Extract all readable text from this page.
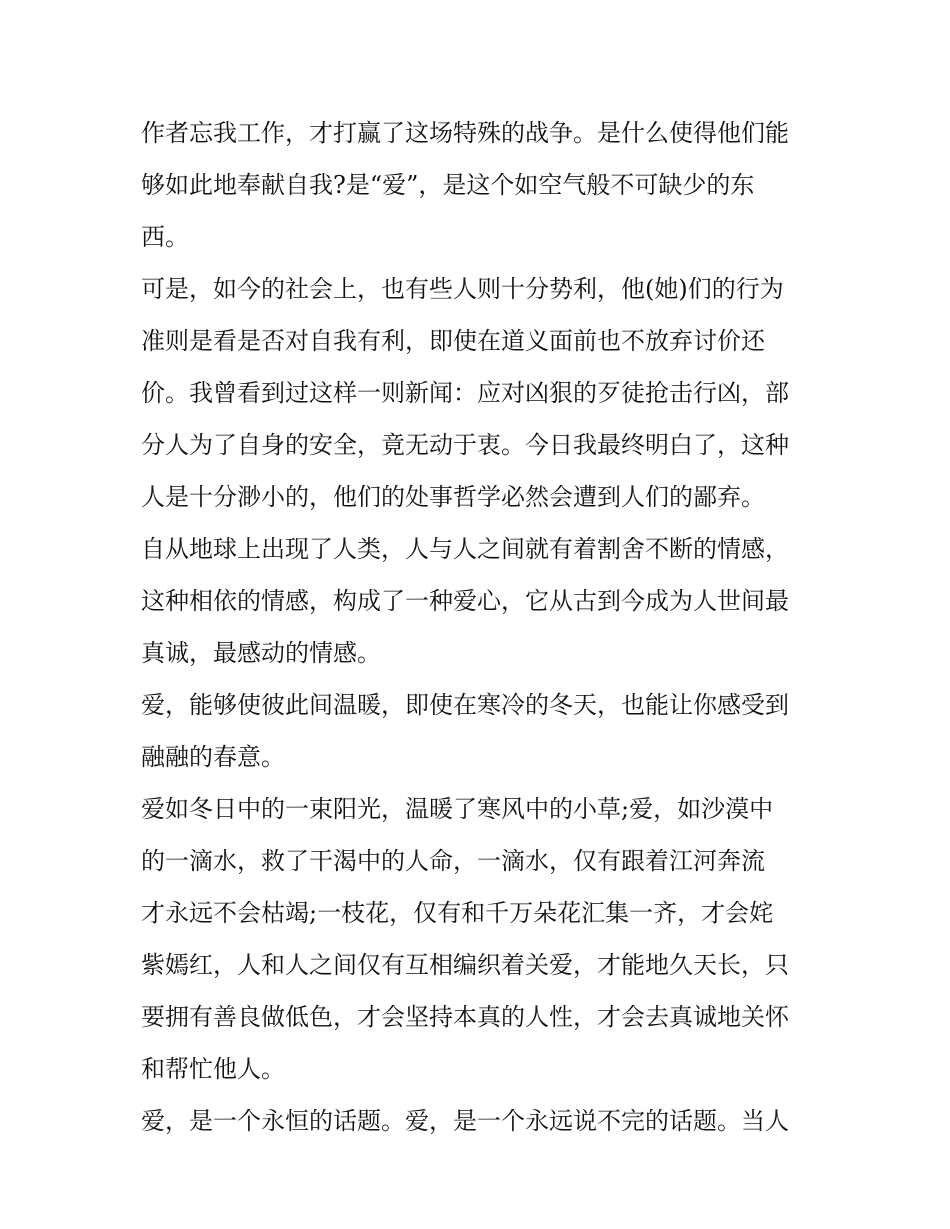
作者忘我工作，才打赢了这场特殊的战争。是什么使得他们能
够如此地奉献自我?是“爱”，是这个如空气般不可缺少的东
西。
可是，如今的社会上，也有些人则十分势利，他(她)们的行为
准则是看是否对自我有利，即使在道义面前也不放弃讨价还
价。我曾看到过这样一则新闻：应对凶狠的歹徒抢击行凶，部
分人为了自身的安全，竟无动于衷。今日我最终明白了，这种
人是十分渺小的，他们的处事哲学必然会遭到人们的鄙弃。
自从地球上出现了人类，人与人之间就有着割舍不断的情感，
这种相依的情感，构成了一种爱心，它从古到今成为人世间最
真诚，最感动的情感。
爱，能够使彼此间温暖，即使在寒冷的冬天，也能让你感受到
融融的春意。
爱如冬日中的一束阳光，温暖了寒风中的小草;爱，如沙漠中
的一滴水，救了干渴中的人命，一滴水，仅有跟着江河奔流
才永远不会枯竭;一枝花，仅有和千万朵花汇集一齐，才会姹
紫嫣红，人和人之间仅有互相编织着关爱，才能地久天长，只
要拥有善良做低色，才会坚持本真的人性，才会去真诚地关怀
和帮忙他人。
爱，是一个永恒的话题。爱，是一个永远说不完的话题。当人
